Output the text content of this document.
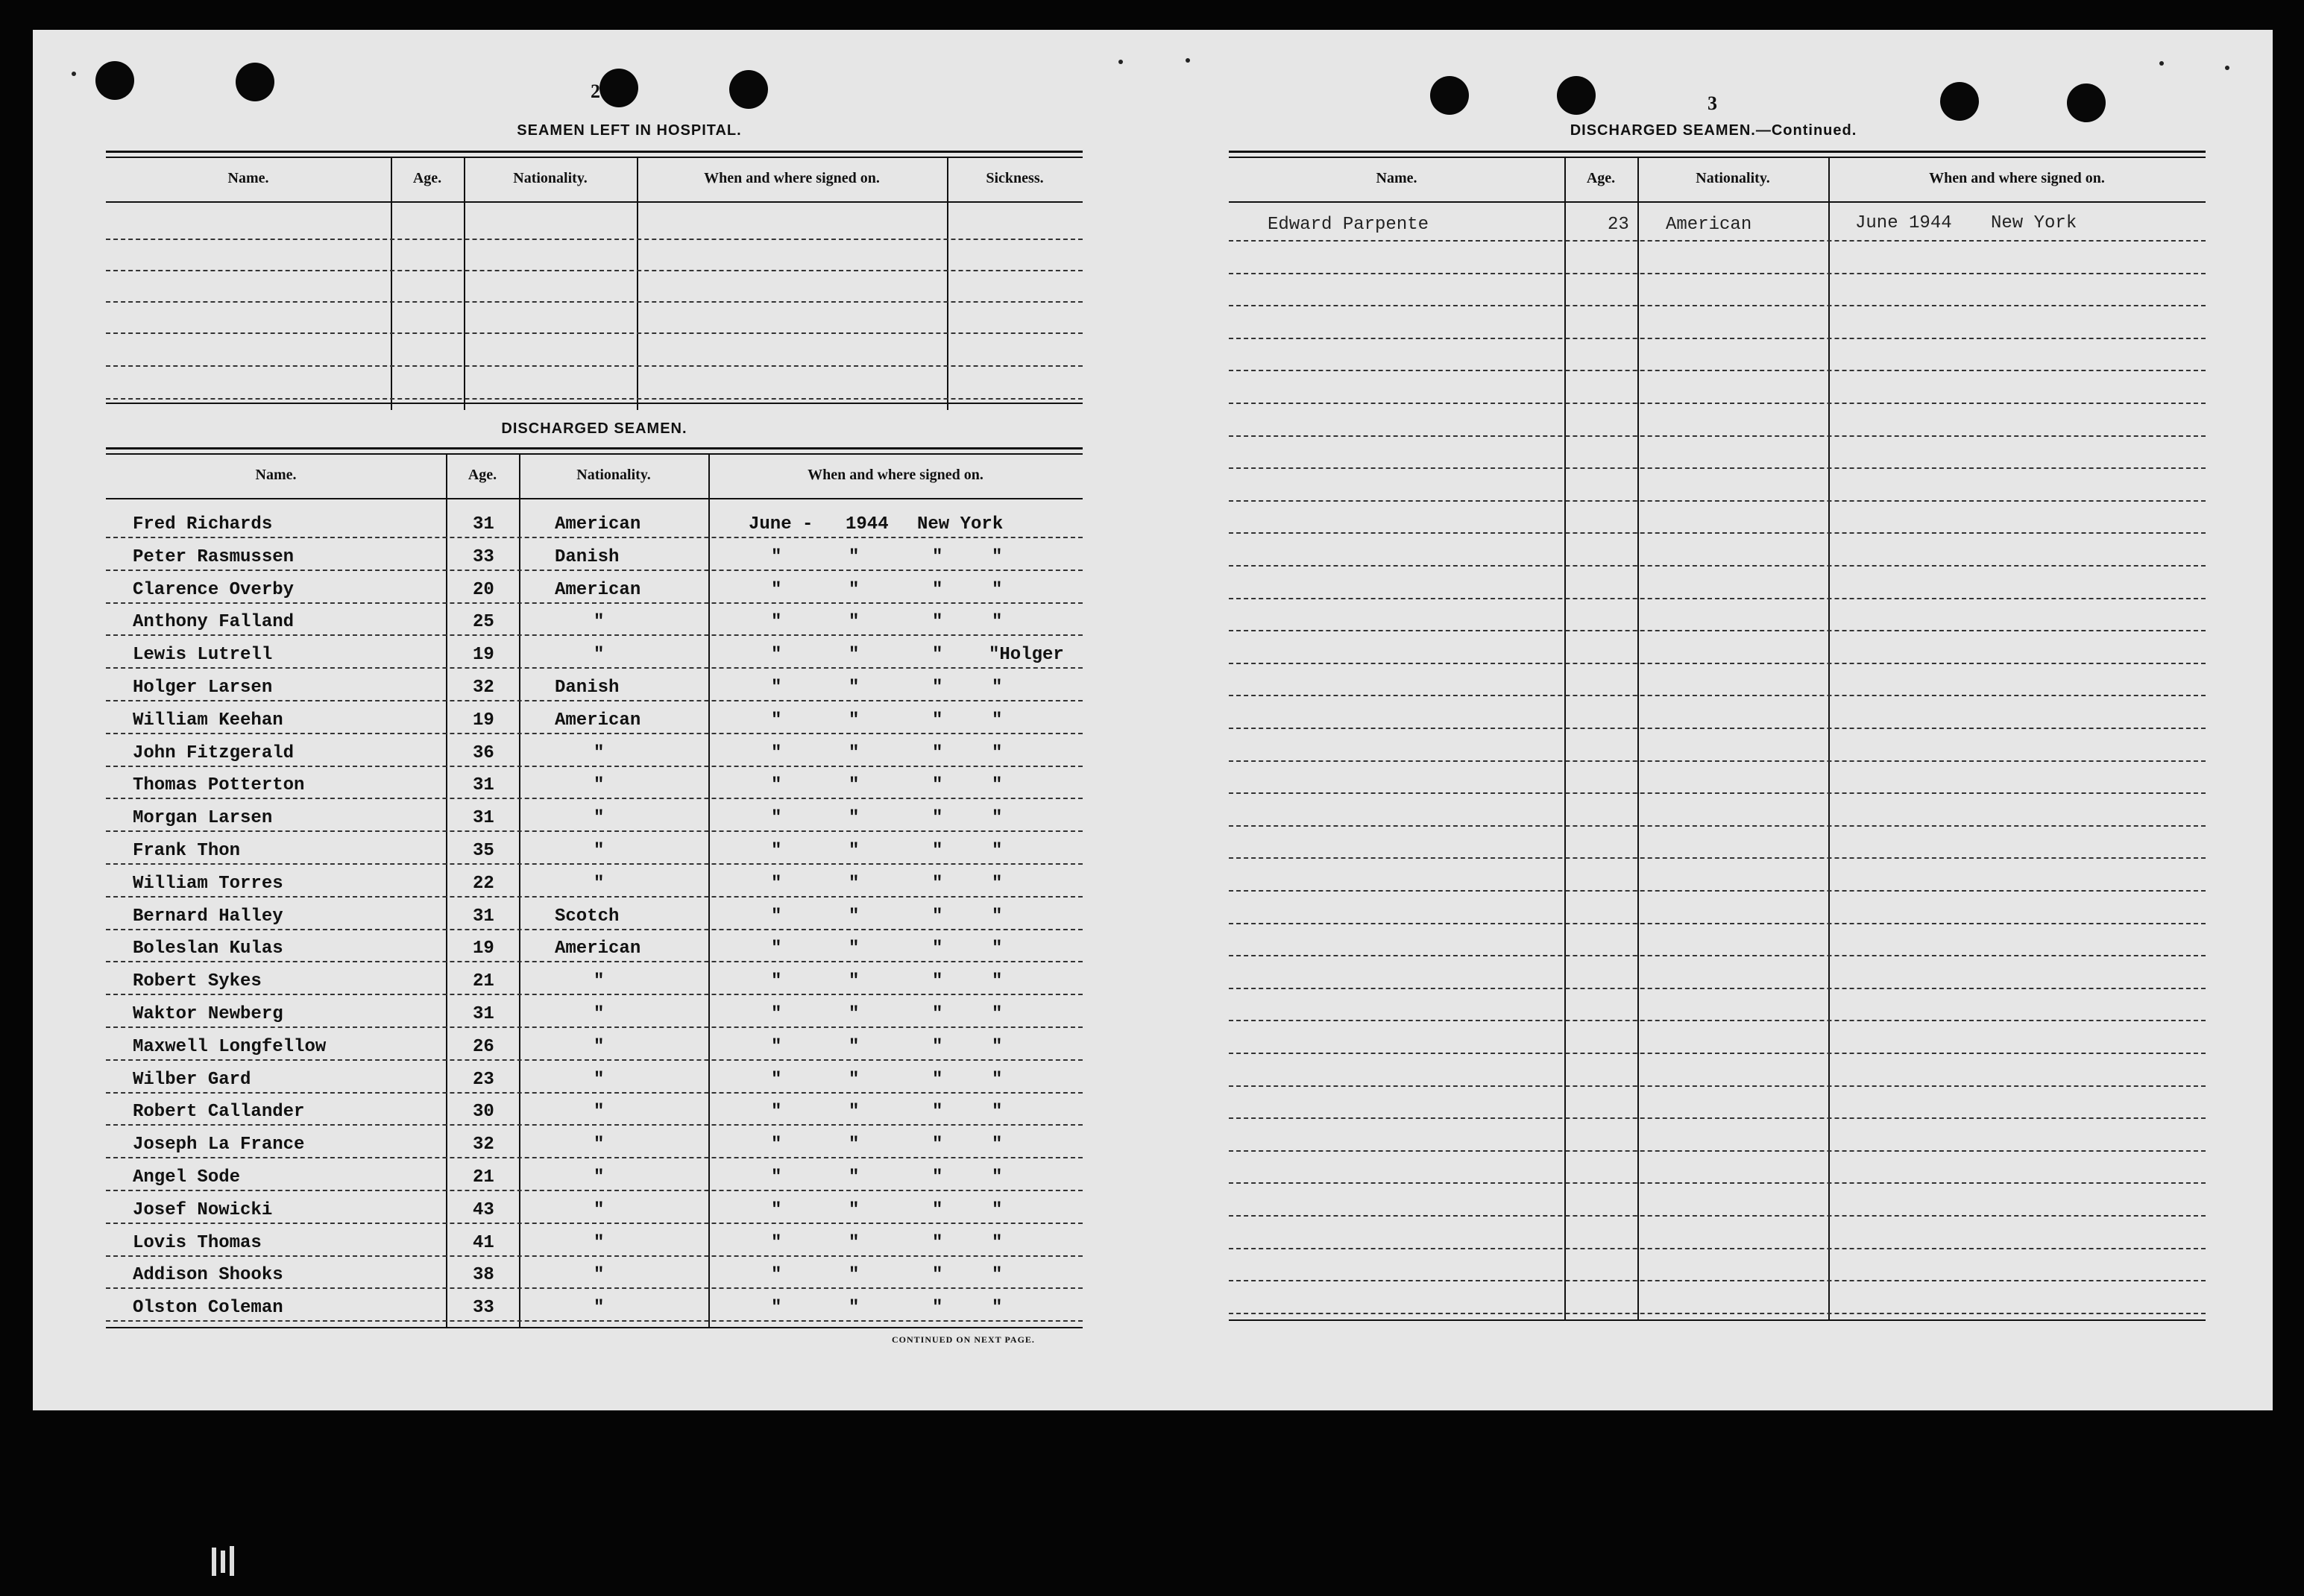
2
SEAMEN LEFT IN HOSPITAL.
Name.	Age.	Nationality.	When and where signed on.	Sickness.
DISCHARGED SEAMEN.
Name.	Age.	Nationality.	When and where signed on.
Fred Richards	31	American	June - 1944 New York
Peter Rasmussen	33	Danish	"	"	"	"
Clarence Overby	20	American	"	"	"	"
Anthony Falland	25	"	"	"	"	"
Lewis Lutrell	19	"	"	"	"	"Holger
Holger Larsen	32	Danish	"	"	"	"
William Keehan	19	American	"	"	"	"
John Fitzgerald	36	"	"	"	"	"
Thomas Potterton	31	"	"	"	"	"
Morgan Larsen	31	"	"	"	"	"
Frank Thon	35	"	"	"	"	"
William Torres	22	"	"	"	"	"
Bernard Halley	31	Scotch	"	"	"	"
Boleslan Kulas	19	American	"	"	"	"
Robert Sykes	21	"	"	"	"	"
Waktor Newberg	31	"	"	"	"	"
Maxwell Longfellow	26	"	"	"	"	"
Wilber Gard	23	"	"	"	"	"
Robert Callander	30	"	"	"	"	"
Joseph La France	32	"	"	"	"	"
Angel Sode	21	"	"	"	"	"
Josef Nowicki	43	"	"	"	"	"
Lovis Thomas	41	"	"	"	"	"
Addison Shooks	38	"	"	"	"	"
Olston Coleman	33	"	"	"	"	"
CONTINUED ON NEXT PAGE.
3
DISCHARGED SEAMEN.—Continued.
Name.	Age.	Nationality.	When and where signed on.
Edward Parpente	23 American	June 1944 New York
